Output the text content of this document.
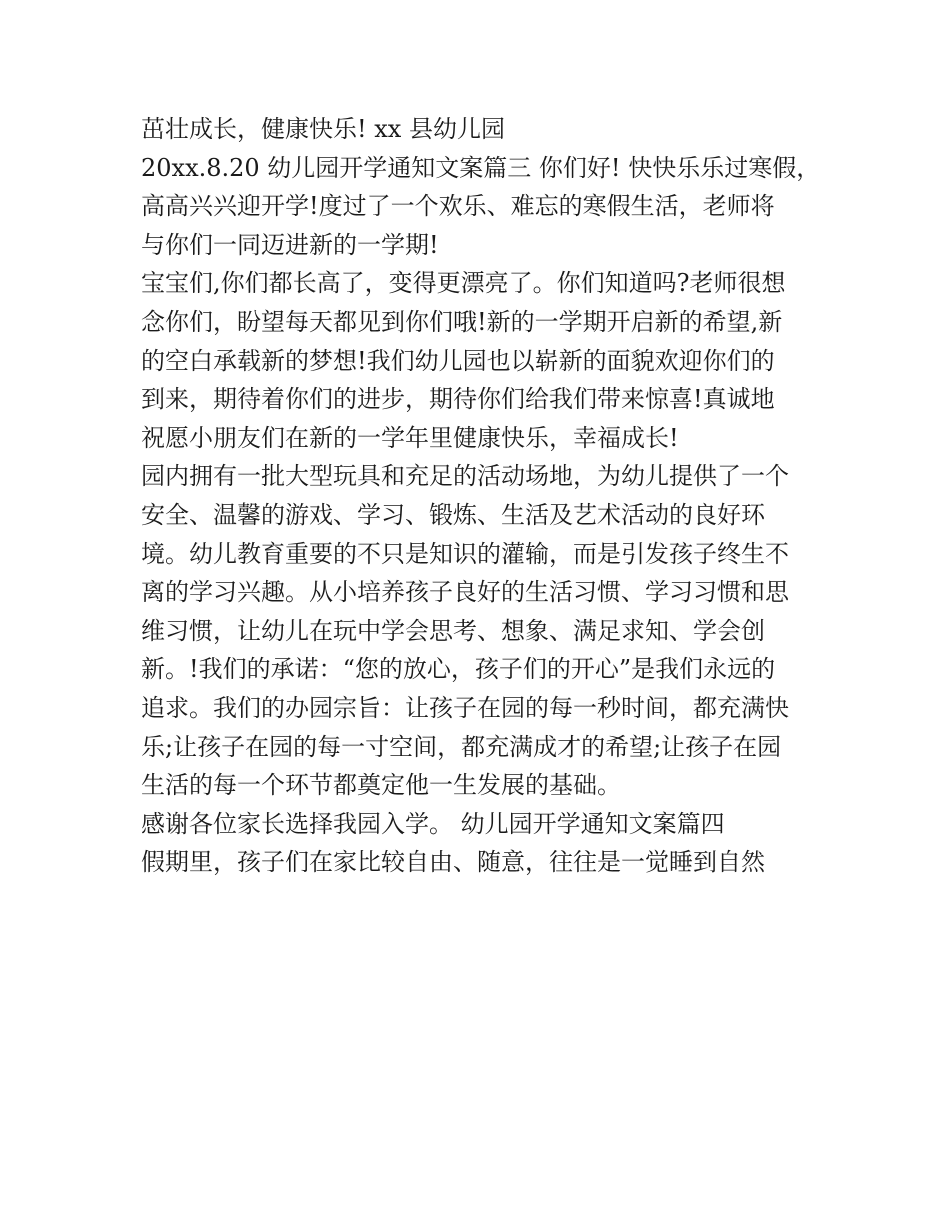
茁壮成长，健康快乐! xx 县幼儿园
20xx.8.20 幼儿园开学通知文案篇三 你们好! 快快乐乐过寒假，
高高兴兴迎开学!度过了一个欢乐、难忘的寒假生活，老师将
与你们一同迈进新的一学期!
宝宝们,你们都长高了，变得更漂亮了。你们知道吗?老师很想
念你们，盼望每天都见到你们哦!新的一学期开启新的希望,新
的空白承载新的梦想!我们幼儿园也以崭新的面貌欢迎你们的
到来，期待着你们的进步，期待你们给我们带来惊喜!真诚地
祝愿小朋友们在新的一学年里健康快乐，幸福成长!
园内拥有一批大型玩具和充足的活动场地，为幼儿提供了一个
安全、温馨的游戏、学习、锻炼、生活及艺术活动的良好环
境。幼儿教育重要的不只是知识的灌输，而是引发孩子终生不
离的学习兴趣。从小培养孩子良好的生活习惯、学习习惯和思
维习惯，让幼儿在玩中学会思考、想象、满足求知、学会创
新。!我们的承诺：“您的放心，孩子们的开心”是我们永远的
追求。我们的办园宗旨：让孩子在园的每一秒时间，都充满快
乐;让孩子在园的每一寸空间，都充满成才的希望;让孩子在园
生活的每一个环节都奠定他一生发展的基础。
感谢各位家长选择我园入学。 幼儿园开学通知文案篇四
假期里，孩子们在家比较自由、随意，往往是一觉睡到自然
